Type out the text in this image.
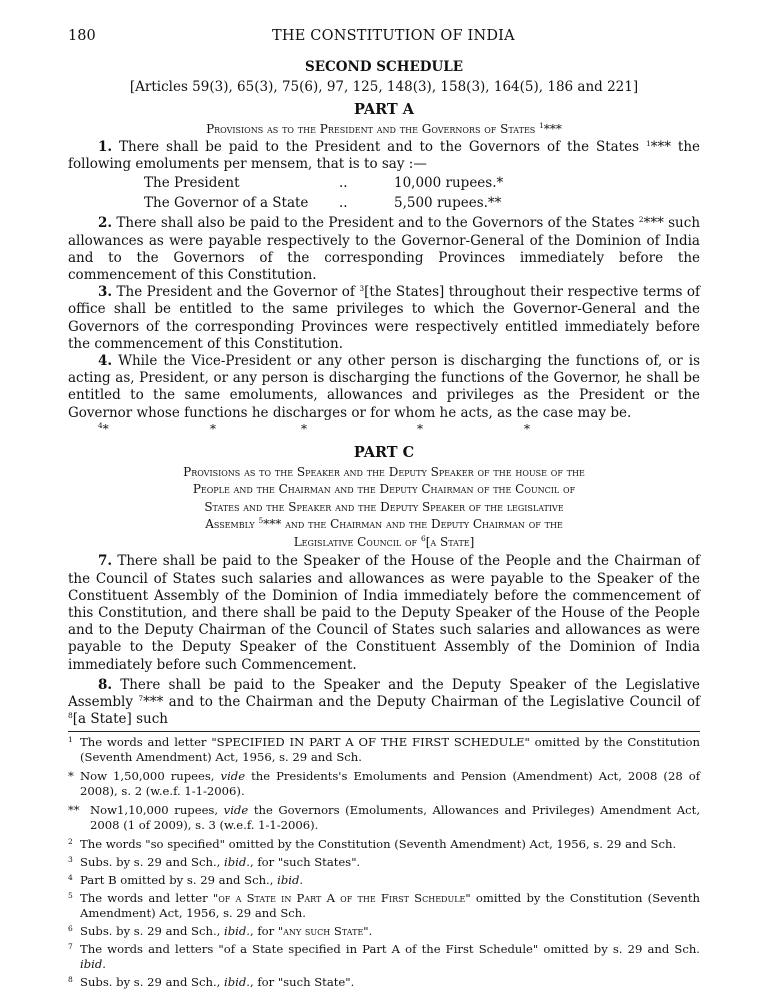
180	THE CONSTITUTION OF INDIA
SECOND SCHEDULE
[Articles 59(3), 65(3), 75(6), 97, 125, 148(3), 158(3), 164(5), 186 and 221]
PART A
Provisions as to the President and the Governors of States $^1$***

1. There shall be paid to the President and to the Governors of the States $^1$*** the following emoluments per mensem, that is to say :—

The President	..	10,000 rupees.*
The Governor of a State ..	5,500 rupees.**

2. There shall also be paid to the President and to the Governors of the States $^2$*** such allowances as were payable respectively to the Governor-General of the Dominion of India and to the Governors of the corresponding Provinces immediately before the commencement of this Constitution.

3. The President and the Governor of $^3$[the States] throughout their respective terms of office shall be entitled to the same privileges to which the Governor-General and the Governors of the corresponding Provinces were respectively entitled immediately before the commencement of this Constitution.

4. While the Vice-President or any other person is discharging the functions of, or is acting as, President, or any person is discharging the functions of the Governor, he shall be entitled to the same emoluments, allowances and privileges as the President or the Governor whose functions he discharges or for whom he acts, as the case may be.

$^4$ *	*	*	*	*
PART C
Provisions as to the Speaker and the Deputy Speaker of the house of the
People and the Chairman and the Deputy Chairman of the Council of
States and the Speaker and the Deputy Speaker of the legislative
Assembly $^5$*** and the Chairman and the Deputy Chairman of the
Legislative Council of $^6$[a State]

7. There shall be paid to the Speaker of the House of the People and the Chairman of the Council of States such salaries and allowances as were payable to the Speaker of the Constituent Assembly of the Dominion of India immediately before the commencement of this Constitution, and there shall be paid to the Deputy Speaker of the House of the People and to the Deputy Chairman of the Council of States such salaries and allowances as were payable to the Deputy Speaker of the Constituent Assembly of the Dominion of India immediately before such Commencement.

8. There shall be paid to the Speaker and the Deputy Speaker of the Legislative Assembly $^7$*** and to the Chairman and the Deputy Chairman of the Legislative Council of $^8$[a State] such

1 The words and letter "SPECIFIED IN PART A OF THE FIRST SCHEDULE" omitted by the Constitution (Seventh Amendment) Act, 1956, s. 29 and Sch.
* Now 1,50,000 rupees, vide the Presidents's Emoluments and Pension (Amendment) Act, 2008 (28 of 2008), s. 2 (w.e.f. 1-1-2006).
** Now1,10,000 rupees, vide the Governors (Emoluments, Allowances and Privileges) Amendment Act, 2008 (1 of 2009), s. 3 (w.e.f. 1-1-2006).
2 The words "so specified" omitted by the Constitution (Seventh Amendment) Act, 1956, s. 29 and Sch.
3 Subs. by s. 29 and Sch., ibid., for "such States".
4 Part B omitted by s. 29 and Sch., ibid.
5 The words and letter "of a State in Part A of the First Schedule" omitted by the Constitution (Seventh Amendment) Act, 1956, s. 29 and Sch.
6 Subs. by s. 29 and Sch., ibid., for "any such State".
7 The words and letters "of a State specified in Part A of the First Schedule" omitted by s. 29 and Sch. ibid.
8 Subs. by s. 29 and Sch., ibid., for "such State".
